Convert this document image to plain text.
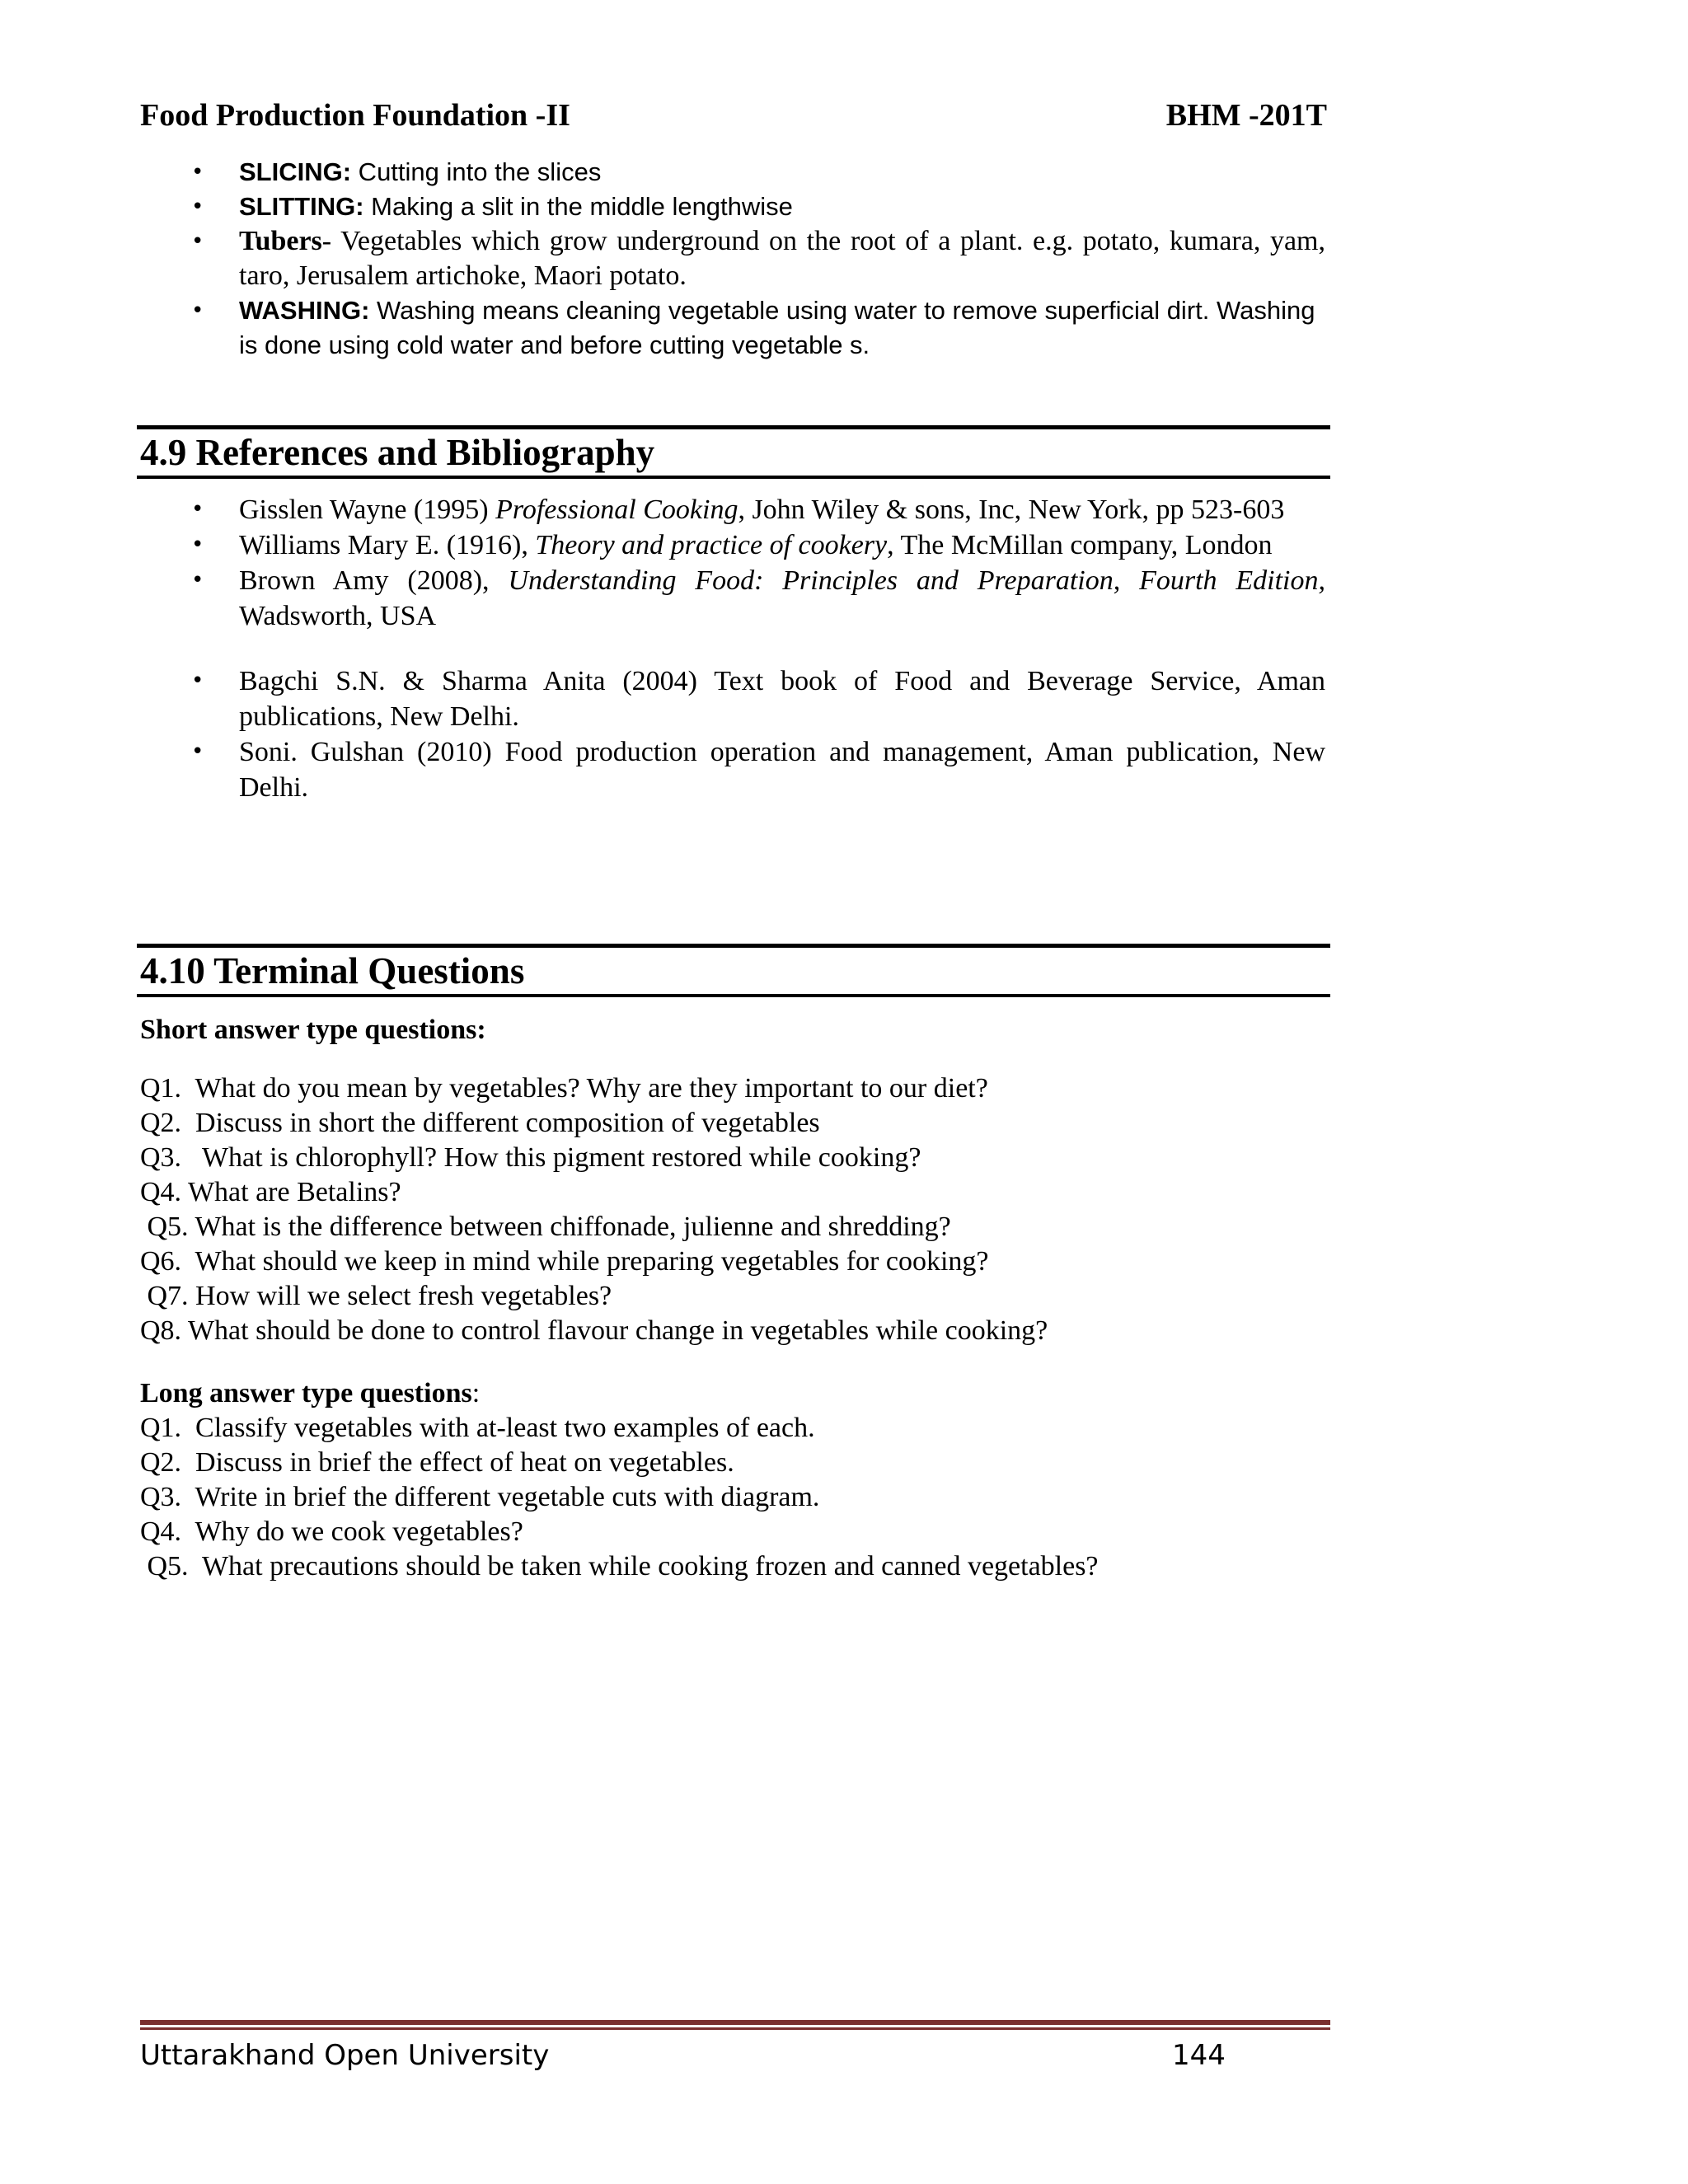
Food Production Foundation -II	BHM -201T
• SLICING: Cutting into the slices
• SLITTING: Making a slit in the middle lengthwise
• Tubers- Vegetables which grow underground on the root of a plant. e.g. potato, kumara, yam, taro, Jerusalem artichoke, Maori potato.
• WASHING: Washing means cleaning vegetable using water to remove superficial dirt. Washing is done using cold water and before cutting vegetable s.
4.9 References and Bibliography
• Gisslen Wayne (1995) Professional Cooking, John Wiley & sons, Inc, New York, pp 523-603
• Williams Mary E. (1916), Theory and practice of cookery, The McMillan company, London
• Brown Amy (2008), Understanding Food: Principles and Preparation, Fourth Edition, Wadsworth, USA
• Bagchi S.N. & Sharma Anita (2004) Text book of Food and Beverage Service, Aman publications, New Delhi.
• Soni. Gulshan (2010) Food production operation and management, Aman publication, New Delhi.
4.10 Terminal Questions
Short answer type questions:
Q1.  What do you mean by vegetables? Why are they important to our diet?
Q2.  Discuss in short the different composition of vegetables
Q3.   What is chlorophyll? How this pigment restored while cooking?
Q4. What are Betalins?
Q5. What is the difference between chiffonade, julienne and shredding?
Q6.  What should we keep in mind while preparing vegetables for cooking?
Q7. How will we select fresh vegetables?
Q8. What should be done to control flavour change in vegetables while cooking?
Long answer type questions:
Q1.  Classify vegetables with at-least two examples of each.
Q2.  Discuss in brief the effect of heat on vegetables.
Q3.  Write in brief the different vegetable cuts with diagram.
Q4.  Why do we cook vegetables?
Q5.  What precautions should be taken while cooking frozen and canned vegetables?
Uttarakhand Open University	144
